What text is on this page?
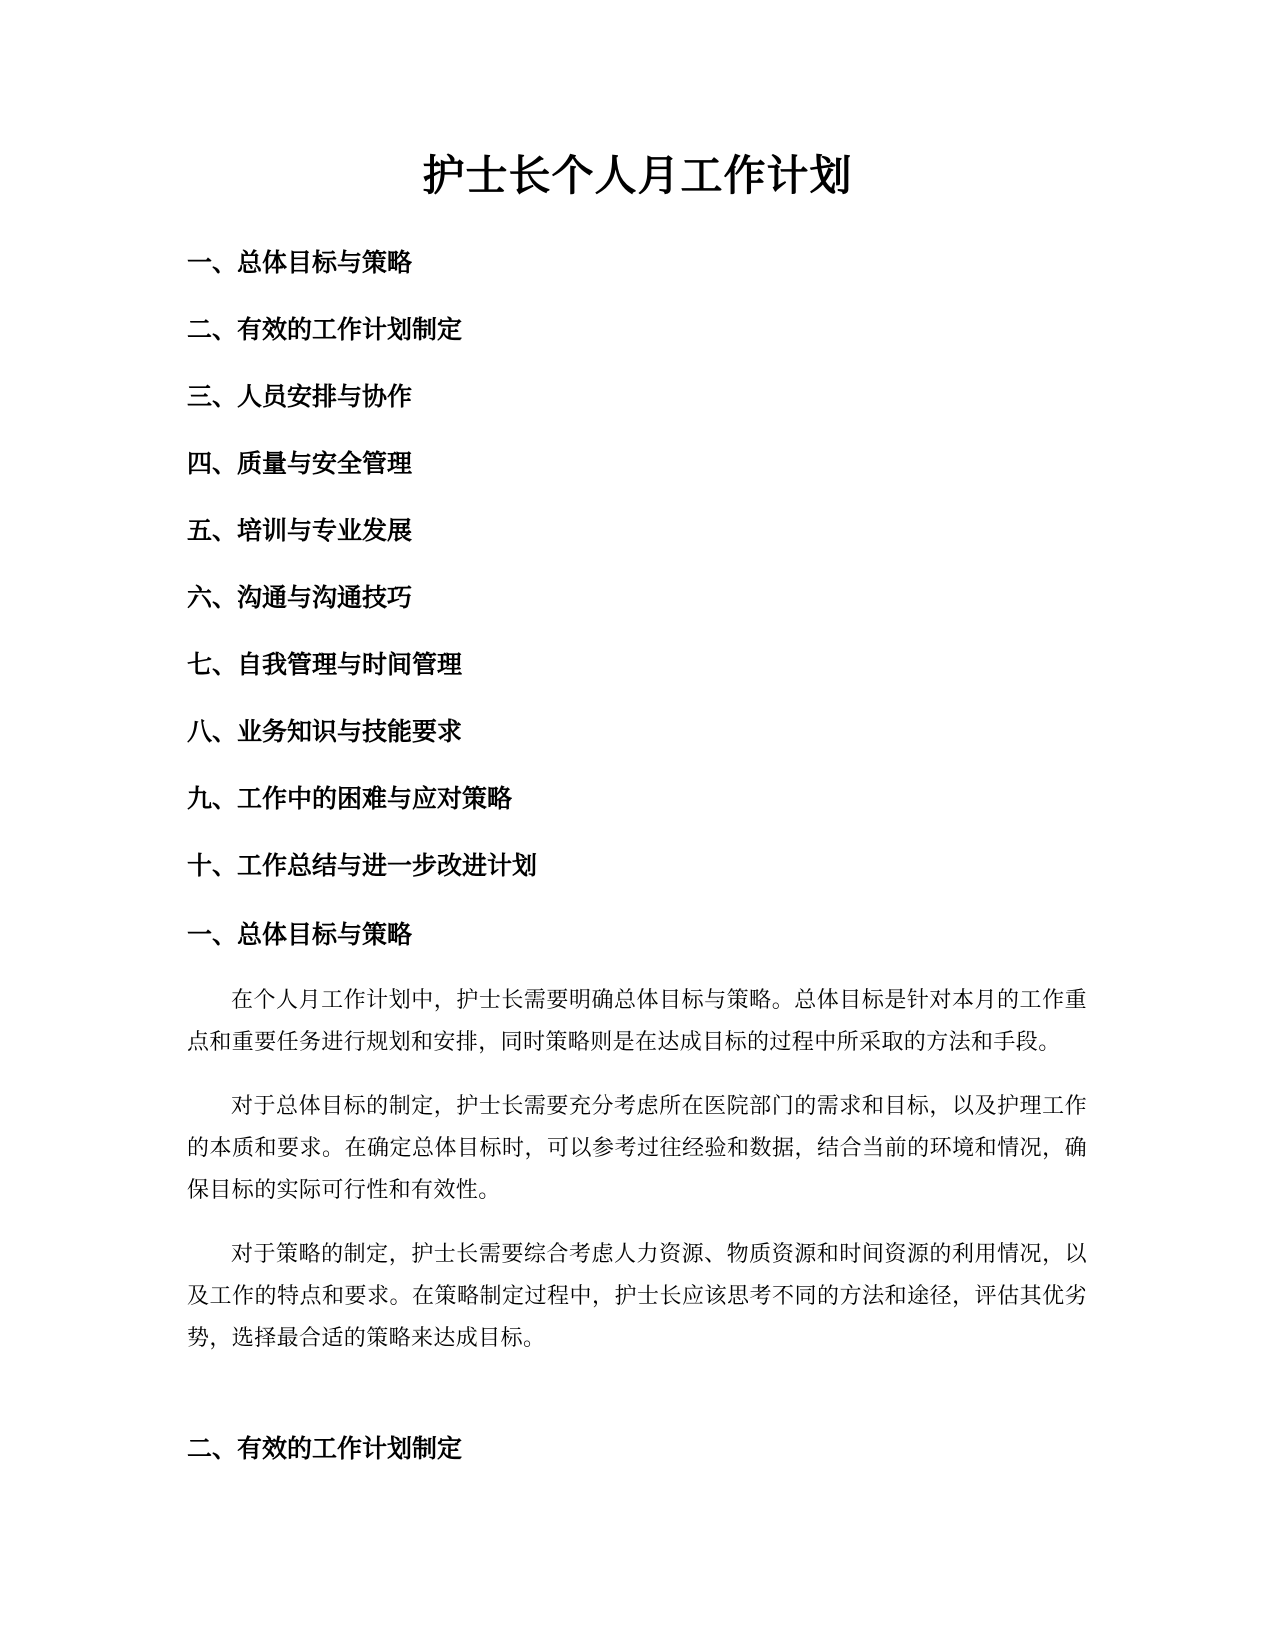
护士长个人月工作计划
一、总体目标与策略
二、有效的工作计划制定
三、人员安排与协作
四、质量与安全管理
五、培训与专业发展
六、沟通与沟通技巧
七、自我管理与时间管理
八、业务知识与技能要求
九、工作中的困难与应对策略
十、工作总结与进一步改进计划
一、总体目标与策略

在个人月工作计划中，护士长需要明确总体目标与策略。总体目标是针对本月的工作重点和重要任务进行规划和安排，同时策略则是在达成目标的过程中所采取的方法和手段。

对于总体目标的制定，护士长需要充分考虑所在医院部门的需求和目标，以及护理工作的本质和要求。在确定总体目标时，可以参考过往经验和数据，结合当前的环境和情况，确保目标的实际可行性和有效性。

对于策略的制定，护士长需要综合考虑人力资源、物质资源和时间资源的利用情况，以及工作的特点和要求。在策略制定过程中，护士长应该思考不同的方法和途径，评估其优劣势，选择最合适的策略来达成目标。

二、有效的工作计划制定
